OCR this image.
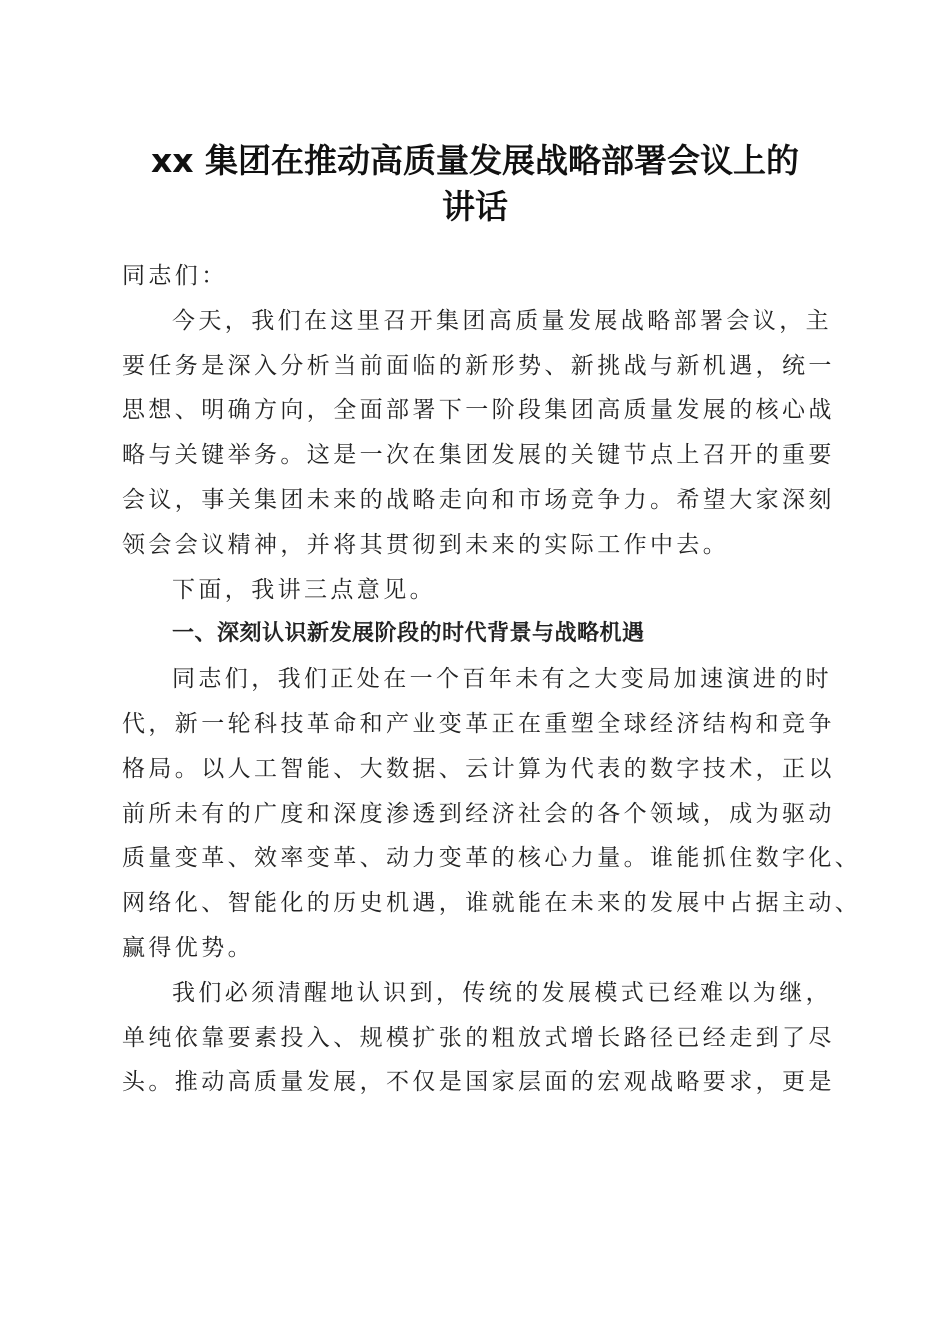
xx 集团在推动高质量发展战略部署会议上的
讲话
同志们：
今天，我们在这里召开集团高质量发展战略部署会议，主
要任务是深入分析当前面临的新形势、新挑战与新机遇，统一
思想、明确方向，全面部署下一阶段集团高质量发展的核心战
略与关键举务。这是一次在集团发展的关键节点上召开的重要
会议，事关集团未来的战略走向和市场竞争力。希望大家深刻
领会会议精神，并将其贯彻到未来的实际工作中去。
下面，我讲三点意见。
一、深刻认识新发展阶段的时代背景与战略机遇
同志们，我们正处在一个百年未有之大变局加速演进的时
代，新一轮科技革命和产业变革正在重塑全球经济结构和竞争
格局。以人工智能、大数据、云计算为代表的数字技术，正以
前所未有的广度和深度渗透到经济社会的各个领域，成为驱动
质量变革、效率变革、动力变革的核心力量。谁能抓住数字化、
网络化、智能化的历史机遇，谁就能在未来的发展中占据主动、
赢得优势。
我们必须清醒地认识到，传统的发展模式已经难以为继，
单纯依靠要素投入、规模扩张的粗放式增长路径已经走到了尽
头。推动高质量发展，不仅是国家层面的宏观战略要求，更是
